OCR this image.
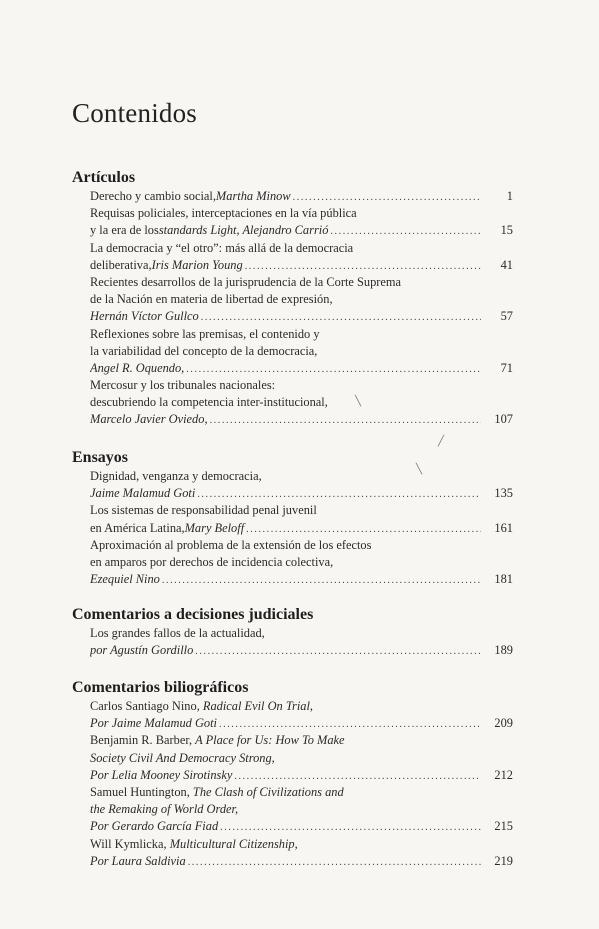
Contenidos
Artículos
Derecho y cambio social, Martha Minow .....	1
Requisas policiales, interceptaciones en la vía pública
y la era de los standards Light, Alejandro Carrió .....	15
La democracia y “el otro”: más allá de la democracia
deliberativa, Iris Marion Young .....	41
Recientes desarrollos de la jurisprudencia de la Corte Suprema
de la Nación en materia de libertad de expresión,
Hernán Víctor Gullco .....	57
Reflexiones sobre las premisas, el contenido y
la variabilidad del concepto de la democracia,
Angel R. Oquendo, .....	71
Mercosur y los tribunales nacionales:
descubriendo la competencia inter-institucional,
Marcelo Javier Oviedo, .....	107
Ensayos
Dignidad, venganza y democracia,
Jaime Malamud Goti .....	135
Los sistemas de responsabilidad penal juvenil
en América Latina, Mary Beloff .....	161
Aproximación al problema de la extensión de los efectos
en amparos por derechos de incidencia colectiva,
Ezequiel Nino .....	181
Comentarios a decisiones judiciales
Los grandes fallos de la actualidad,
por Agustín Gordillo .....	189
Comentarios biliográficos
Carlos Santiago Nino, Radical Evil On Trial,
Por Jaime Malamud Goti .....	209
Benjamin R. Barber, A Place for Us: How To Make
Society Civil And Democracy Strong,
Por Lelia Mooney Sirotinsky .....	212
Samuel Huntington, The Clash of Civilizations and
the Remaking of World Order,
Por Gerardo García Fiad .....	215
Will Kymlicka, Multicultural Citizenship,
Por Laura Saldivia .....	219
╲
╱
╲
